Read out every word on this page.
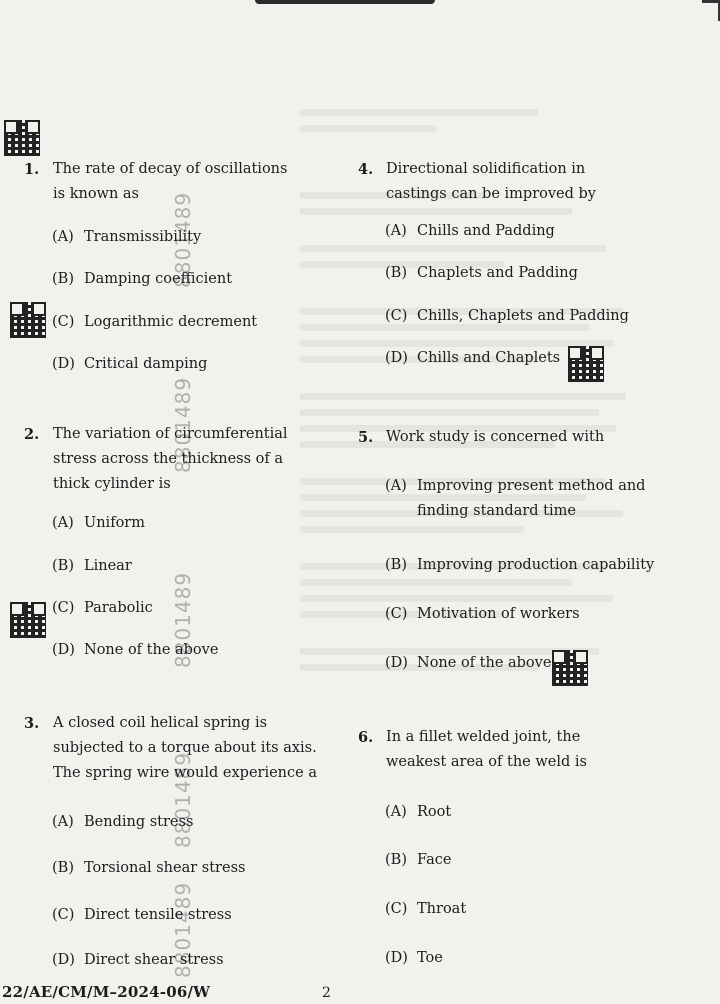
8801489
8801489
8801489
8801489
8801489
1. The rate of decay of oscillations is known as
(A) Transmissibility
(B) Damping coefficient
(C) Logarithmic decrement
(D) Critical damping
2. The variation of circumferential stress across the thickness of a thick cylinder is
(A) Uniform
(B) Linear
(C) Parabolic
(D) None of the above
3. A closed coil helical spring is subjected to a torque about its axis. The spring wire would experience a
(A) Bending stress
(B) Torsional shear stress
(C) Direct tensile stress
(D) Direct shear stress
4. Directional solidification in castings can be improved by
(A) Chills and Padding
(B) Chaplets and Padding
(C) Chills, Chaplets and Padding
(D) Chills and Chaplets
5. Work study is concerned with
(A) Improving present method and finding standard time
(B) Improving production capability
(C) Motivation of workers
(D) None of the above
6. In a fillet welded joint, the weakest area of the weld is
(A) Root
(B) Face
(C) Throat
(D) Toe
22/AE/CM/M–2024-06/W	2
